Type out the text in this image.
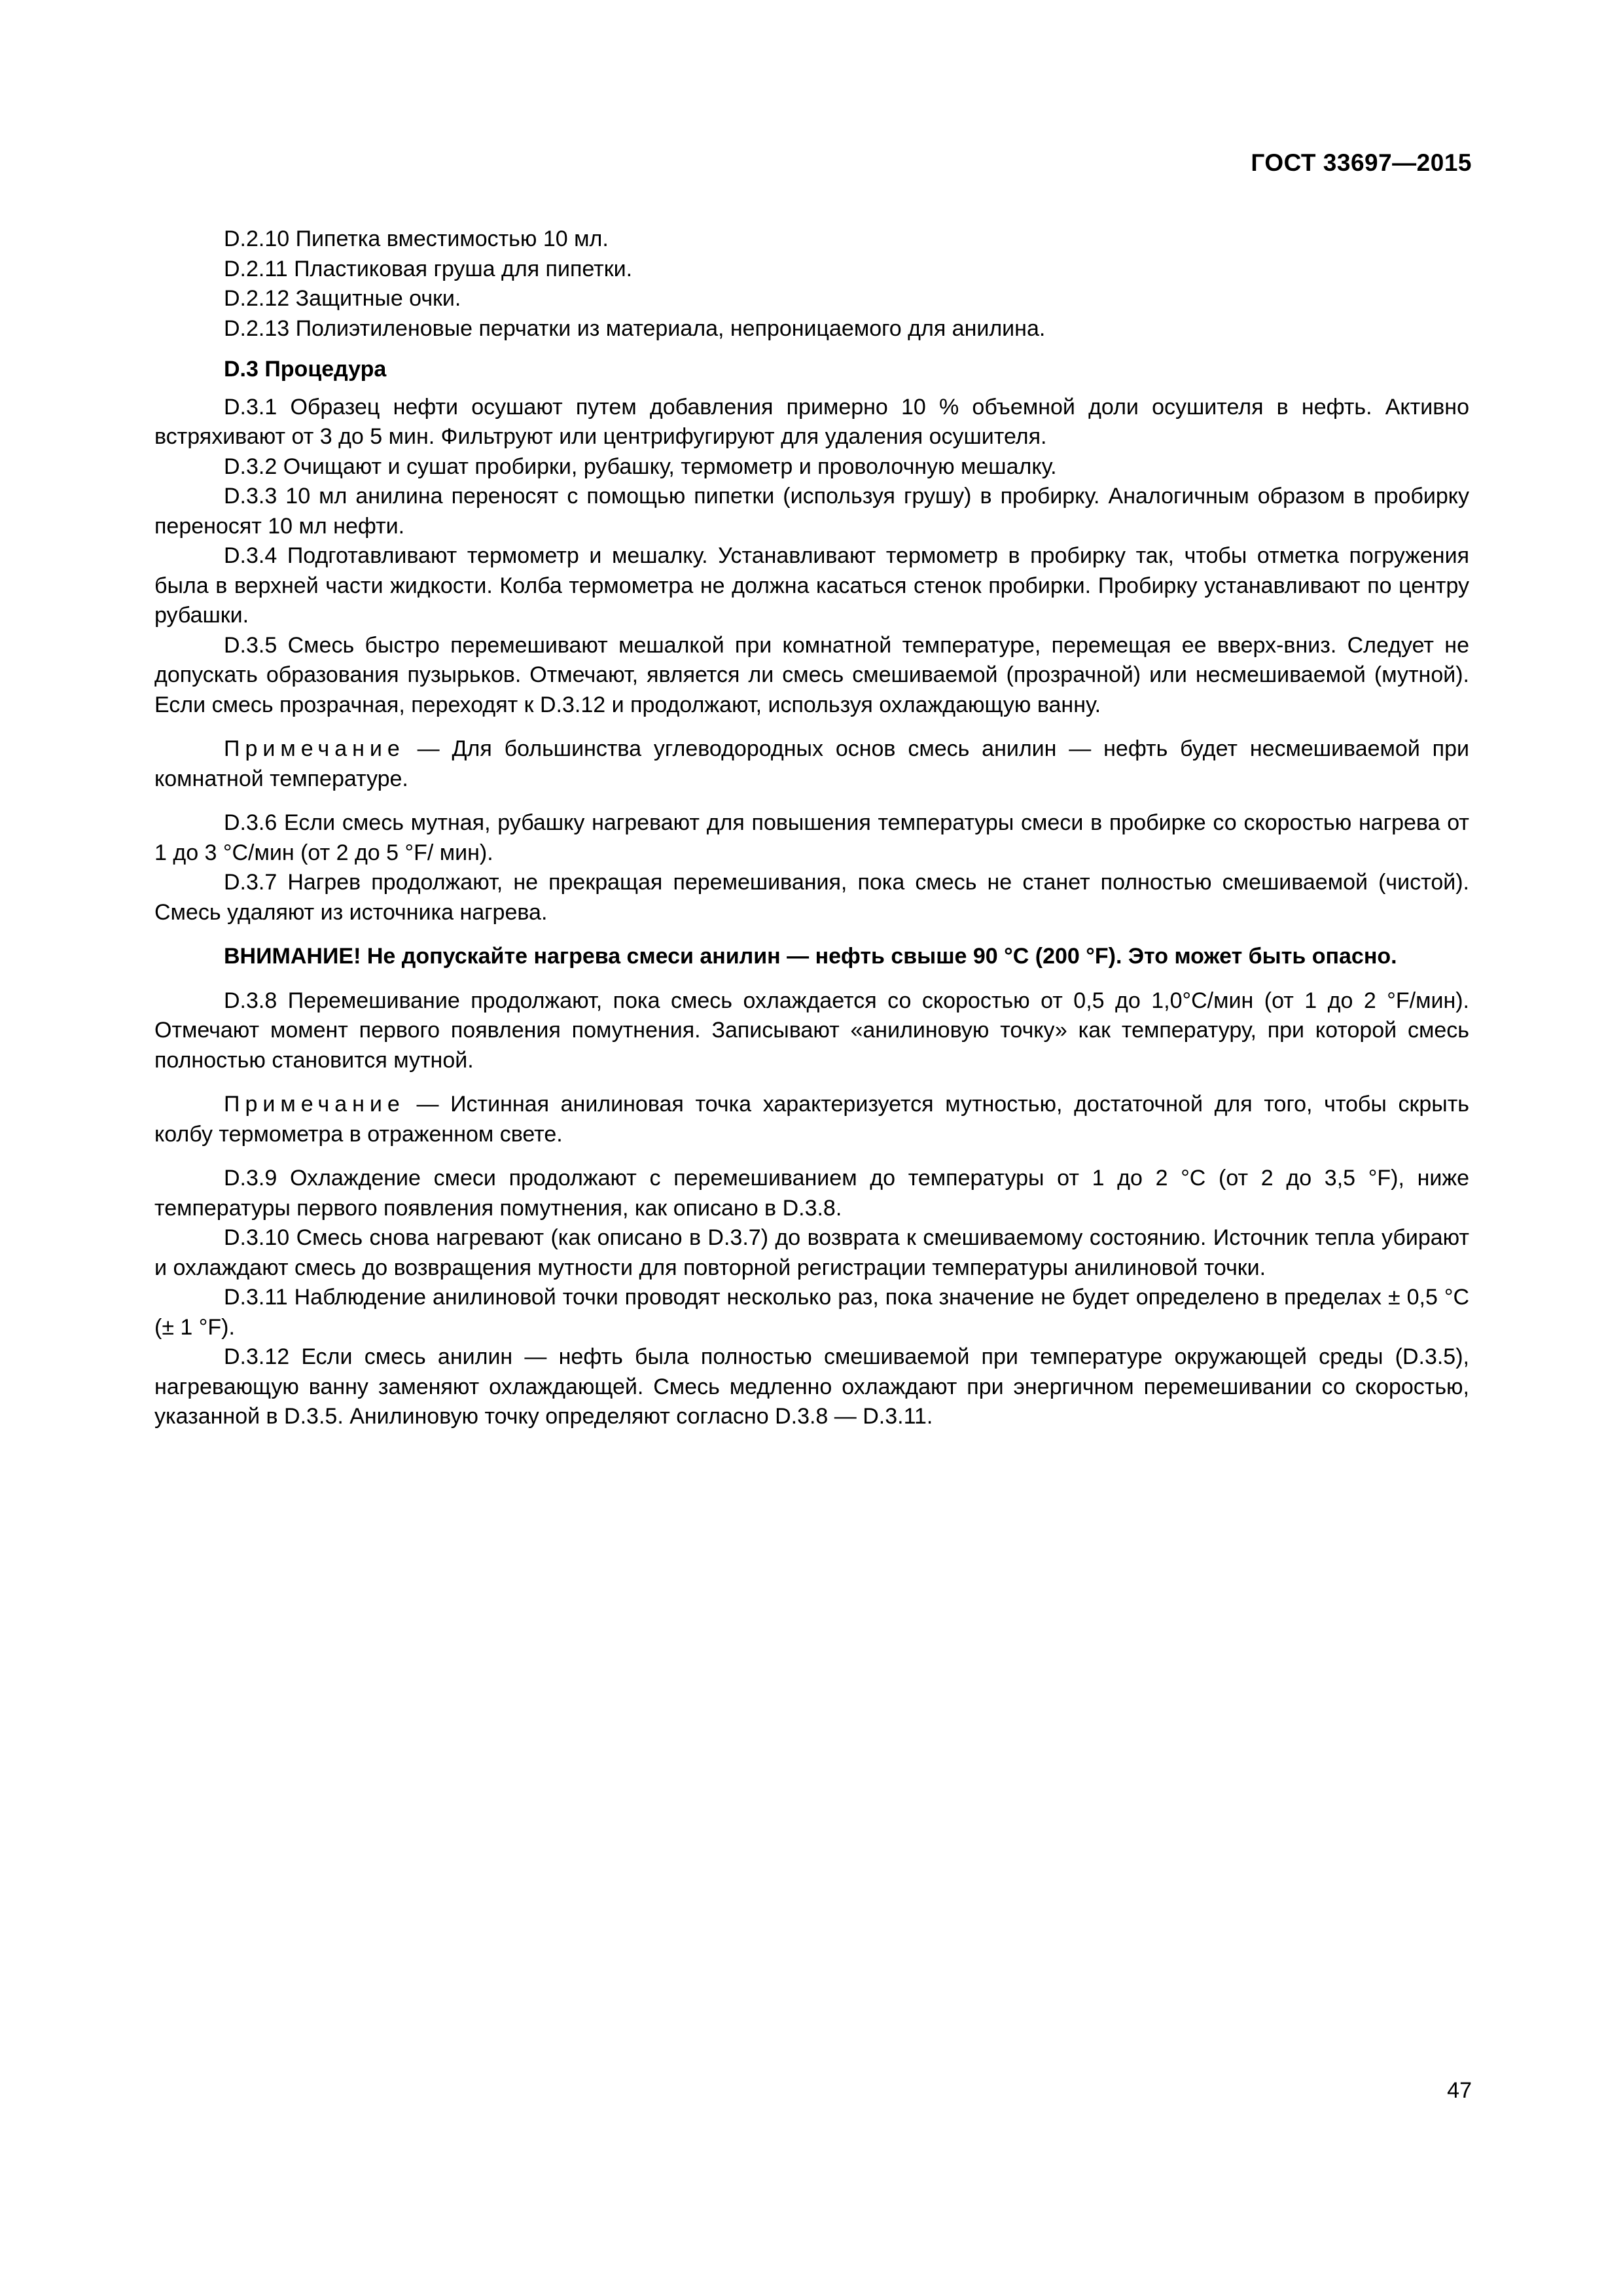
ГОСТ 33697—2015

D.2.10 Пипетка вместимостью 10 мл.

D.2.11 Пластиковая груша для пипетки.

D.2.12 Защитные очки.

D.2.13 Полиэтиленовые перчатки из материала, непроницаемого для анилина.

D.3 Процедура

D.3.1 Образец нефти осушают путем добавления примерно 10 % объемной доли осушителя в нефть. Активно встряхивают от 3 до 5 мин. Фильтруют или центрифугируют для удаления осушителя.

D.3.2 Очищают и сушат пробирки, рубашку, термометр и проволочную мешалку.

D.3.3 10 мл анилина переносят с помощью пипетки (используя грушу) в пробирку. Аналогичным образом в пробирку переносят 10 мл нефти.

D.3.4 Подготавливают термометр и мешалку. Устанавливают термометр в пробирку так, чтобы отметка погружения была в верхней части жидкости. Колба термометра не должна касаться стенок пробирки. Пробирку устанавливают по центру рубашки.

D.3.5 Смесь быстро перемешивают мешалкой при комнатной температуре, перемещая ее вверх-вниз. Следует не допускать образования пузырьков. Отмечают, является ли смесь смешиваемой (прозрачной) или несмешиваемой (мутной). Если смесь прозрачная, переходят к D.3.12 и продолжают, используя охлаждающую ванну.

Примечание — Для большинства углеводородных основ смесь анилин — нефть будет несмешиваемой при комнатной температуре.

D.3.6 Если смесь мутная, рубашку нагревают для повышения температуры смеси в пробирке со скоростью нагрева от 1 до 3 °С/мин (от 2 до 5 °F/ мин).

D.3.7 Нагрев продолжают, не прекращая перемешивания, пока смесь не станет полностью смешиваемой (чистой). Смесь удаляют из источника нагрева.

ВНИМАНИЕ! Не допускайте нагрева смеси анилин — нефть свыше 90 °С (200 °F). Это может быть опасно.

D.3.8 Перемешивание продолжают, пока смесь охлаждается со скоростью от 0,5 до 1,0°С/мин (от 1 до 2 °F/мин). Отмечают момент первого появления помутнения. Записывают «анилиновую точку» как температуру, при которой смесь полностью становится мутной.

Примечание — Истинная анилиновая точка характеризуется мутностью, достаточной для того, чтобы скрыть колбу термометра в отраженном свете.

D.3.9 Охлаждение смеси продолжают с перемешиванием до температуры от 1 до 2 °С (от 2 до 3,5 °F), ниже температуры первого появления помутнения, как описано в D.3.8.

D.3.10 Смесь снова нагревают (как описано в D.3.7) до возврата к смешиваемому состоянию. Источник тепла убирают и охлаждают смесь до возвращения мутности для повторной регистрации температуры анилиновой точки.

D.3.11 Наблюдение анилиновой точки проводят несколько раз, пока значение не будет определено в пределах ± 0,5 °С (± 1 °F).

D.3.12 Если смесь анилин — нефть была полностью смешиваемой при температуре окружающей среды (D.3.5), нагревающую ванну заменяют охлаждающей. Смесь медленно охлаждают при энергичном перемешивании со скоростью, указанной в D.3.5. Анилиновую точку определяют согласно D.3.8 — D.3.11.

47
